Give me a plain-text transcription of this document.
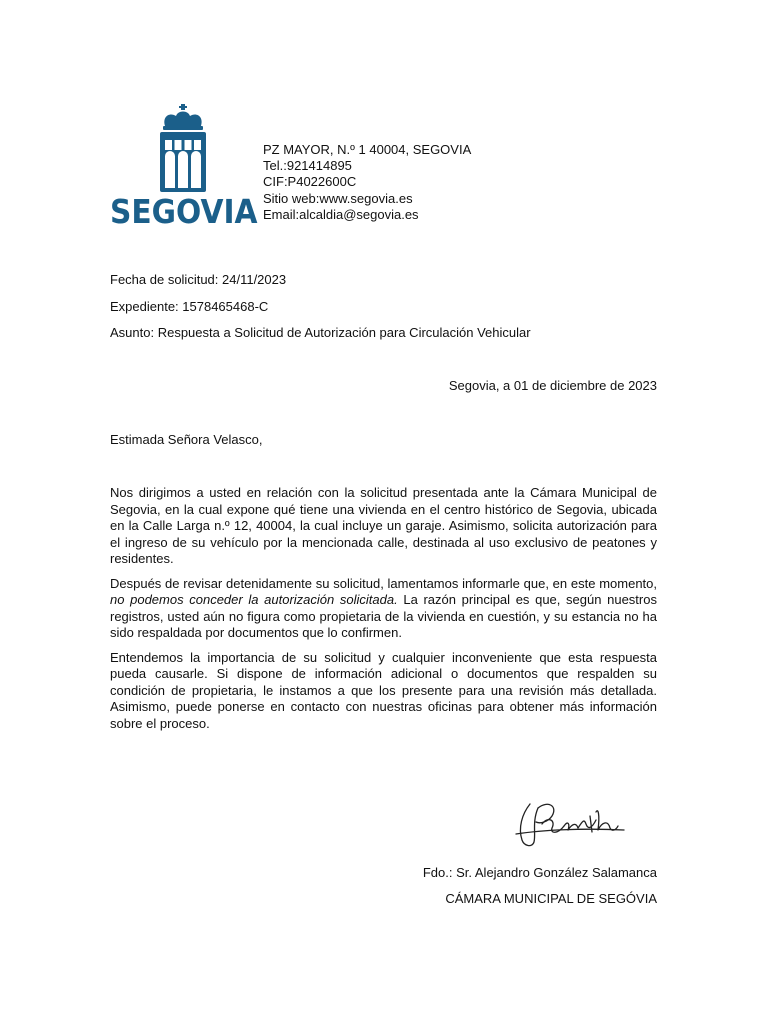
SEGOVIA
PZ MAYOR, N.º 1 40004, SEGOVIA
Tel.:921414895
CIF:P4022600C
Sitio web:www.segovia.es
Email:alcaldia@segovia.es
Fecha de solicitud: 24/11/2023
Expediente: 1578465468-C
Asunto: Respuesta a Solicitud de Autorización para Circulación Vehicular
Segovia, a 01 de diciembre de 2023
Estimada Señora Velasco,

Nos dirigimos a usted en relación con la solicitud presentada ante la Cámara Municipal de Segovia, en la cual expone qué tiene una vivienda en el centro histórico de Segovia, ubicada en la Calle Larga n.º 12, 40004, la cual incluye un garaje. Asimismo, solicita autorización para el ingreso de su vehículo por la mencionada calle, destinada al uso exclusivo de peatones y residentes.

Después de revisar detenidamente su solicitud, lamentamos informarle que, en este momento, no podemos conceder la autorización solicitada. La razón principal es que, según nuestros registros, usted aún no figura como propietaria de la vivienda en cuestión, y su estancia no ha sido respaldada por documentos que lo confirmen.

Entendemos la importancia de su solicitud y cualquier inconveniente que esta respuesta pueda causarle. Si dispone de información adicional o documentos que respalden su condición de propietaria, le instamos a que los presente para una revisión más detallada. Asimismo, puede ponerse en contacto con nuestras oficinas para obtener más información sobre el proceso.

Fdo.: Sr. Alejandro González Salamanca
CÁMARA MUNICIPAL DE SEGÓVIA
